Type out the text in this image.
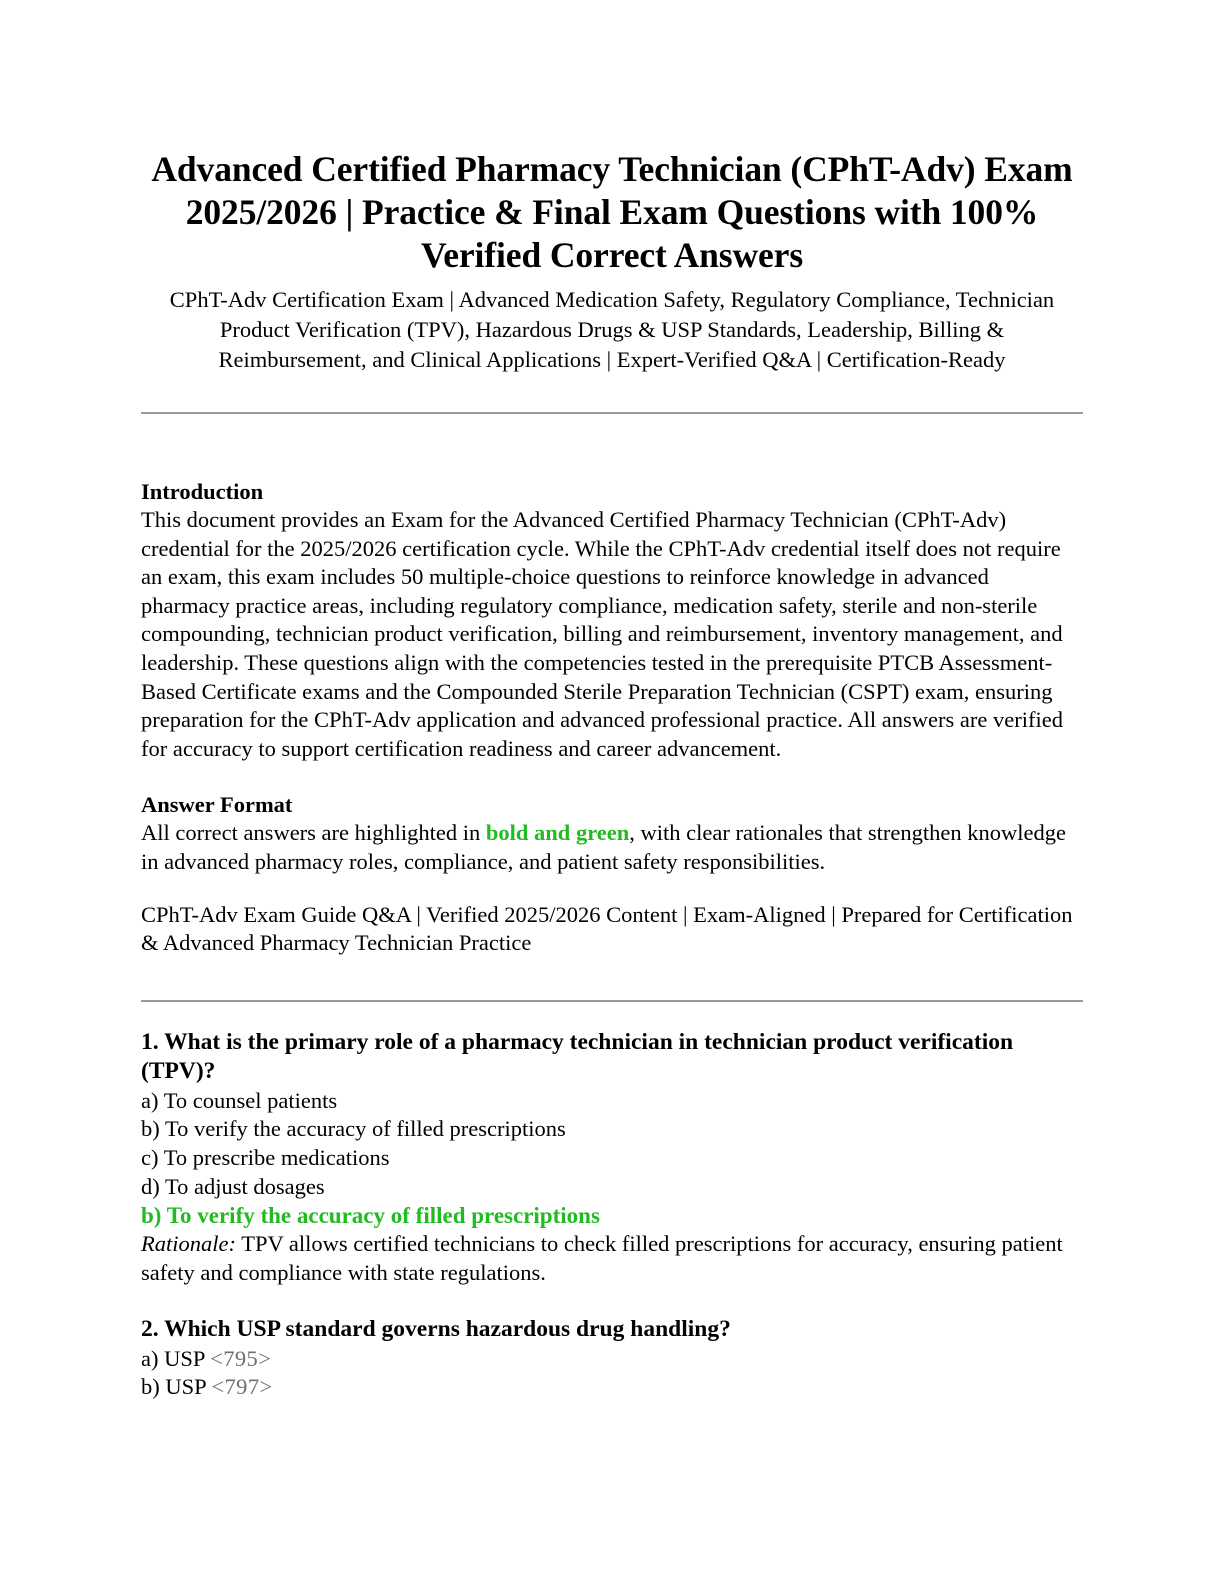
Advanced Certified Pharmacy Technician (CPhT-Adv) Exam 2025/2026 | Practice & Final Exam Questions with 100% Verified Correct Answers

CPhT-Adv Certification Exam | Advanced Medication Safety, Regulatory Compliance, Technician Product Verification (TPV), Hazardous Drugs & USP Standards, Leadership, Billing & Reimbursement, and Clinical Applications | Expert-Verified Q&A | Certification-Ready

Introduction

This document provides an Exam for the Advanced Certified Pharmacy Technician (CPhT-Adv) credential for the 2025/2026 certification cycle. While the CPhT-Adv credential itself does not require an exam, this exam includes 50 multiple-choice questions to reinforce knowledge in advanced pharmacy practice areas, including regulatory compliance, medication safety, sterile and non-sterile compounding, technician product verification, billing and reimbursement, inventory management, and leadership. These questions align with the competencies tested in the prerequisite PTCB Assessment-Based Certificate exams and the Compounded Sterile Preparation Technician (CSPT) exam, ensuring preparation for the CPhT-Adv application and advanced professional practice. All answers are verified for accuracy to support certification readiness and career advancement.

Answer Format

All correct answers are highlighted in bold and green, with clear rationales that strengthen knowledge in advanced pharmacy roles, compliance, and patient safety responsibilities.

CPhT-Adv Exam Guide Q&A | Verified 2025/2026 Content | Exam-Aligned | Prepared for Certification & Advanced Pharmacy Technician Practice

1. What is the primary role of a pharmacy technician in technician product verification (TPV)?

a) To counsel patients

b) To verify the accuracy of filled prescriptions

c) To prescribe medications

d) To adjust dosages

b) To verify the accuracy of filled prescriptions

Rationale: TPV allows certified technicians to check filled prescriptions for accuracy, ensuring patient safety and compliance with state regulations.

2. Which USP standard governs hazardous drug handling?

a) USP <795>

b) USP <797>
